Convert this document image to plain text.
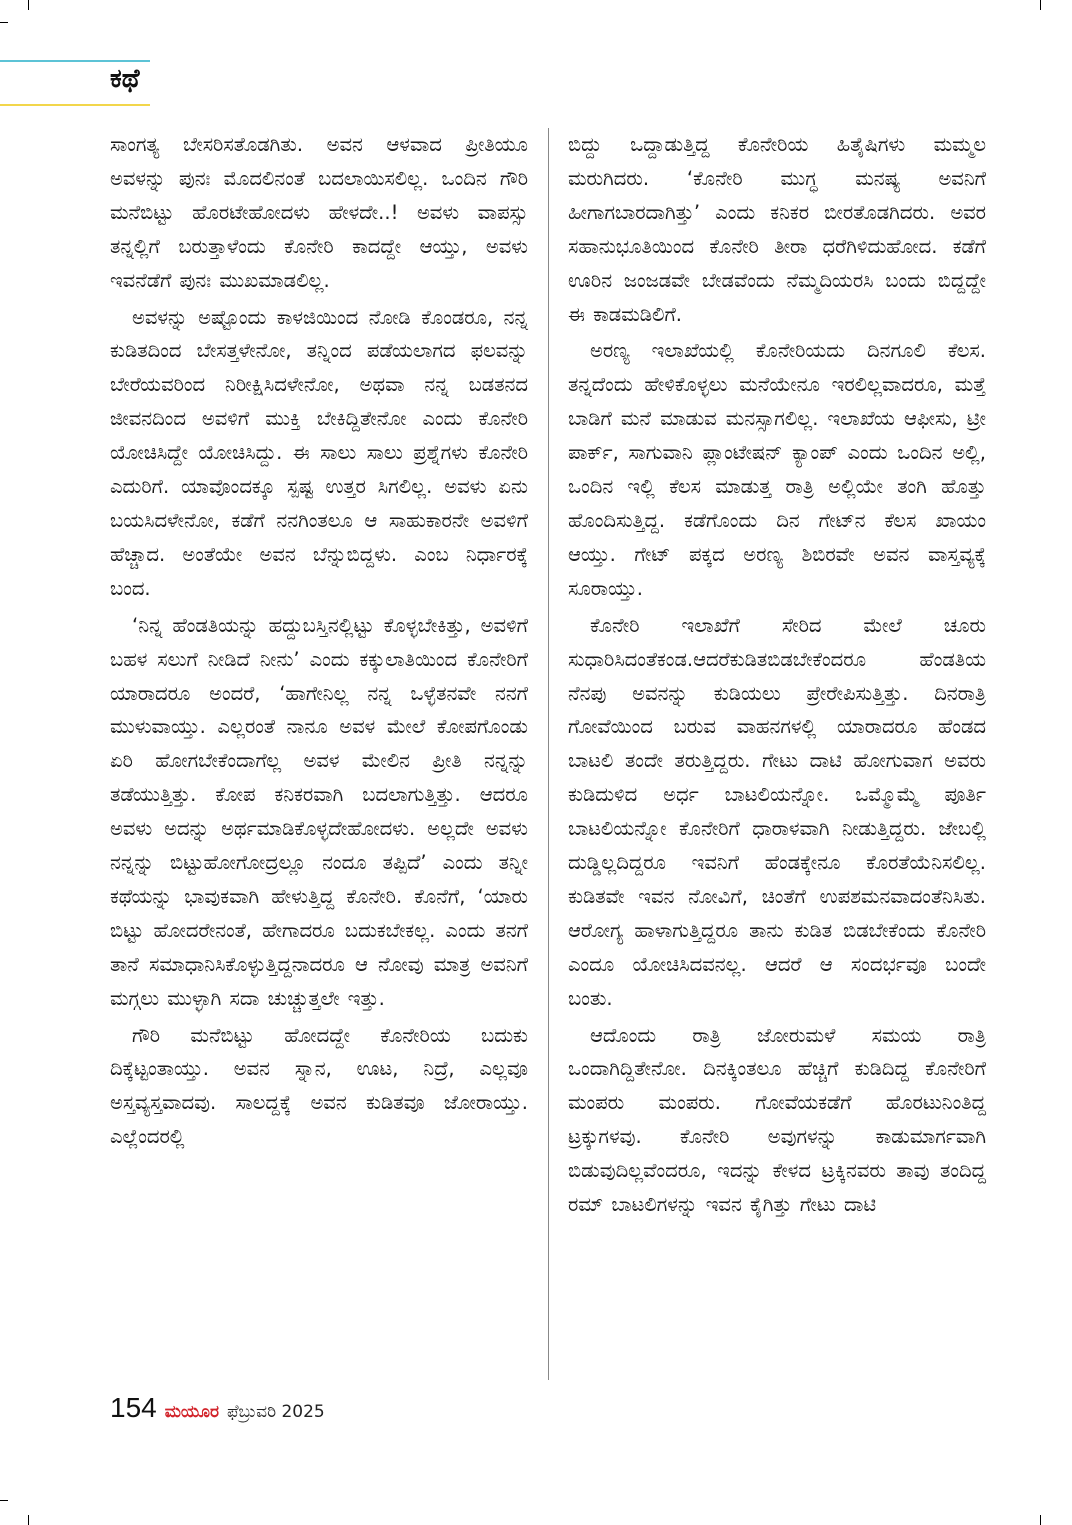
ಕಥೆ

ಸಾಂಗತ್ಯ ಬೇಸರಿಸತೊಡಗಿತು. ಅವನ ಆಳವಾದ ಪ್ರೀತಿಯೂ ಅವಳನ್ನು ಪುನಃ ಮೊದಲಿನಂತೆ ಬದಲಾಯಿಸಲಿಲ್ಲ. ಒಂದಿನ ಗೌರಿ ಮನೆಬಿಟ್ಟು ಹೊರಟೇಹೋದಳು ಹೇಳದೇ..! ಅವಳು ವಾಪಸ್ಸು ತನ್ನಲ್ಲಿಗೆ ಬರುತ್ತಾಳೆಂದು ಕೊನೇರಿ ಕಾದದ್ದೇ ಆಯ್ತು, ಅವಳು ಇವನೆಡೆಗೆ ಪುನಃ ಮುಖಮಾಡಲಿಲ್ಲ.

ಅವಳನ್ನು ಅಷ್ಟೊಂದು ಕಾಳಜಿಯಿಂದ ನೋಡಿ ಕೊಂಡರೂ, ನನ್ನ ಕುಡಿತದಿಂದ ಬೇಸತ್ತಳೇನೋ, ತನ್ನಿಂದ ಪಡೆಯಲಾಗದ ಫಲವನ್ನು ಬೇರೆಯವರಿಂದ ನಿರೀಕ್ಷಿಸಿದಳೇನೋ, ಅಥವಾ ನನ್ನ ಬಡತನದ ಜೀವನದಿಂದ ಅವಳಿಗೆ ಮುಕ್ತಿ ಬೇಕಿದ್ದಿತೇನೋ ಎಂದು ಕೊನೇರಿ ಯೋಚಿಸಿದ್ದೇ ಯೋಚಿಸಿದ್ದು. ಈ ಸಾಲು ಸಾಲು ಪ್ರಶ್ನೆಗಳು ಕೊನೇರಿ ಎದುರಿಗೆ. ಯಾವೊಂದಕ್ಕೂ ಸ್ಪಷ್ಟ ಉತ್ತರ ಸಿಗಲಿಲ್ಲ. ಅವಳು ಏನು ಬಯಸಿದಳೇನೋ, ಕಡೆಗೆ ನನಗಿಂತಲೂ ಆ ಸಾಹುಕಾರನೇ ಅವಳಿಗೆ ಹೆಚ್ಚಾದ. ಅಂತೆಯೇ ಅವನ ಬೆನ್ನುಬಿದ್ದಳು. ಎಂಬ ನಿರ್ಧಾರಕ್ಕೆ ಬಂದ.

‘ನಿನ್ನ ಹೆಂಡತಿಯನ್ನು ಹದ್ದುಬಸ್ತಿನಲ್ಲಿಟ್ಟು ಕೊಳ್ಳಬೇಕಿತ್ತು, ಅವಳಿಗೆ ಬಹಳ ಸಲುಗೆ ನೀಡಿದೆ ನೀನು’ ಎಂದು ಕಕ್ಕುಲಾತಿಯಿಂದ ಕೊನೇರಿಗೆ ಯಾರಾದರೂ ಅಂದರೆ, ‘ಹಾಗೇನಿಲ್ಲ ನನ್ನ ಒಳ್ಳೆತನವೇ ನನಗೆ ಮುಳುವಾಯ್ತು. ಎಲ್ಲರಂತೆ ನಾನೂ ಅವಳ ಮೇಲೆ ಕೋಪಗೊಂಡು ಏರಿ ಹೋಗಬೇಕೆಂದಾಗೆಲ್ಲ ಅವಳ ಮೇಲಿನ ಪ್ರೀತಿ ನನ್ನನ್ನು ತಡೆಯುತ್ತಿತ್ತು. ಕೋಪ ಕನಿಕರವಾಗಿ ಬದಲಾಗುತ್ತಿತ್ತು. ಆದರೂ ಅವಳು ಅದನ್ನು ಅರ್ಥಮಾಡಿಕೊಳ್ಳದೇಹೋದಳು. ಅಲ್ಲದೇ ಅವಳು ನನ್ನನ್ನು ಬಿಟ್ಟುಹೋಗೋದ್ರಲ್ಲೂ ನಂದೂ ತಪ್ಪಿದೆ’ ಎಂದು ತನ್ನೀ ಕಥೆಯನ್ನು ಭಾವುಕವಾಗಿ ಹೇಳುತ್ತಿದ್ದ ಕೊನೇರಿ. ಕೊನೆಗೆ, ‘ಯಾರು ಬಿಟ್ಟು ಹೋದರೇನಂತೆ, ಹೇಗಾದರೂ ಬದುಕಬೇಕಲ್ಲ. ಎಂದು ತನಗೆ ತಾನೆ ಸಮಾಧಾನಿಸಿಕೊಳ್ಳುತ್ತಿದ್ದನಾದರೂ ಆ ನೋವು ಮಾತ್ರ ಅವನಿಗೆ ಮಗ್ಗಲು ಮುಳ್ಳಾಗಿ ಸದಾ ಚುಚ್ಚುತ್ತಲೇ ಇತ್ತು.

ಗೌರಿ ಮನೆಬಿಟ್ಟು ಹೋದದ್ದೇ ಕೊನೇರಿಯ ಬದುಕು ದಿಕ್ಕೆಟ್ಟಂತಾಯ್ತು. ಅವನ ಸ್ನಾನ, ಊಟ, ನಿದ್ರೆ, ಎಲ್ಲವೂ ಅಸ್ತವ್ಯಸ್ತವಾದವು. ಸಾಲದ್ದಕ್ಕೆ ಅವನ ಕುಡಿತವೂ ಜೋರಾಯ್ತು. ಎಲ್ಲೆಂದರಲ್ಲಿ

ಬಿದ್ದು ಒದ್ದಾಡುತ್ತಿದ್ದ ಕೊನೇರಿಯ ಹಿತೈಷಿಗಳು ಮಮ್ಮಲ ಮರುಗಿದರು. ‘ಕೊನೇರಿ ಮುಗ್ಧ ಮನಷ್ಯ ಅವನಿಗೆ ಹೀಗಾಗಬಾರದಾಗಿತ್ತು’ ಎಂದು ಕನಿಕರ ಬೀರತೊಡಗಿದರು. ಅವರ ಸಹಾನುಭೂತಿಯಿಂದ ಕೊನೇರಿ ತೀರಾ ಧರೆಗಿಳಿದುಹೋದ. ಕಡೆಗೆ ಊರಿನ ಜಂಜಡವೇ ಬೇಡವೆಂದು ನೆಮ್ಮದಿಯರಸಿ ಬಂದು ಬಿದ್ದದ್ದೇ ಈ ಕಾಡಮಡಿಲಿಗೆ.

ಅರಣ್ಯ ಇಲಾಖೆಯಲ್ಲಿ ಕೊನೇರಿಯದು ದಿನಗೂಲಿ ಕೆಲಸ. ತನ್ನದೆಂದು ಹೇಳಿಕೊಳ್ಳಲು ಮನೆಯೇನೂ ಇರಲಿಲ್ಲವಾದರೂ, ಮತ್ತೆ ಬಾಡಿಗೆ ಮನೆ ಮಾಡುವ ಮನಸ್ಸಾಗಲಿಲ್ಲ. ಇಲಾಖೆಯ ಆಫೀಸು, ಟ್ರೀ ಪಾರ್ಕ್, ಸಾಗುವಾನಿ ಪ್ಲಾಂಟೇಷನ್ ಕ್ಯಾಂಪ್ ಎಂದು ಒಂದಿನ ಅಲ್ಲಿ, ಒಂದಿನ ಇಲ್ಲಿ ಕೆಲಸ ಮಾಡುತ್ತ ರಾತ್ರಿ ಅಲ್ಲಿಯೇ ತಂಗಿ ಹೊತ್ತು ಹೊಂದಿಸುತ್ತಿದ್ದ. ಕಡೆಗೊಂದು ದಿನ ಗೇಟ್‌ನ ಕೆಲಸ ಖಾಯಂ ಆಯ್ತು. ಗೇಟ್ ಪಕ್ಕದ ಅರಣ್ಯ ಶಿಬಿರವೇ ಅವನ ವಾಸ್ತವ್ಯಕ್ಕೆ ಸೂರಾಯ್ತು.

ಕೊನೇರಿ ಇಲಾಖೆಗೆ ಸೇರಿದ ಮೇಲೆ ಚೂರು ಸುಧಾರಿಸಿದಂತೆಕಂಡ.ಆದರೆಕುಡಿತಬಿಡಬೇಕೆಂದರೂ ಹೆಂಡತಿಯ ನೆನಪು ಅವನನ್ನು ಕುಡಿಯಲು ಪ್ರೇರೇಪಿಸುತ್ತಿತ್ತು. ದಿನರಾತ್ರಿ ಗೋವೆಯಿಂದ ಬರುವ ವಾಹನಗಳಲ್ಲಿ ಯಾರಾದರೂ ಹೆಂಡದ ಬಾಟಲಿ ತಂದೇ ತರುತ್ತಿದ್ದರು. ಗೇಟು ದಾಟಿ ಹೋಗುವಾಗ ಅವರು ಕುಡಿದುಳಿದ ಅರ್ಧ ಬಾಟಲಿಯನ್ನೋ. ಒಮ್ಮೊಮ್ಮೆ ಪೂರ್ತಿ ಬಾಟಲಿಯನ್ನೋ ಕೊನೇರಿಗೆ ಧಾರಾಳವಾಗಿ ನೀಡುತ್ತಿದ್ದರು. ಜೇಬಲ್ಲಿ ದುಡ್ಡಿಲ್ಲದಿದ್ದರೂ ಇವನಿಗೆ ಹೆಂಡಕ್ಕೇನೂ ಕೊರತೆಯೆನಿಸಲಿಲ್ಲ. ಕುಡಿತವೇ ಇವನ ನೋವಿಗೆ, ಚಿಂತೆಗೆ ಉಪಶಮನವಾದಂತೆನಿಸಿತು. ಆರೋಗ್ಯ ಹಾಳಾಗುತ್ತಿದ್ದರೂ ತಾನು ಕುಡಿತ ಬಿಡಬೇಕೆಂದು ಕೊನೇರಿ ಎಂದೂ ಯೋಚಿಸಿದವನಲ್ಲ. ಆದರೆ ಆ ಸಂದರ್ಭವೂ ಬಂದೇ ಬಂತು.

ಆದೊಂದು ರಾತ್ರಿ ಜೋರುಮಳೆ ಸಮಯ ರಾತ್ರಿ ಒಂದಾಗಿದ್ದಿತೇನೋ. ದಿನಕ್ಕಿಂತಲೂ ಹೆಚ್ಚಿಗೆ ಕುಡಿದಿದ್ದ ಕೊನೇರಿಗೆ ಮಂಪರು ಮಂಪರು. ಗೋವೆಯಕಡೆಗೆ ಹೊರಟುನಿಂತಿದ್ದ ಟ್ರಕ್ಕುಗಳವು. ಕೊನೇರಿ ಅವುಗಳನ್ನು ಕಾಡುಮಾರ್ಗವಾಗಿ ಬಿಡುವುದಿಲ್ಲವೆಂದರೂ, ಇದನ್ನು ಕೇಳದ ಟ್ರಕ್ಕಿನವರು ತಾವು ತಂದಿದ್ದ ರಮ್ ಬಾಟಲಿಗಳನ್ನು ಇವನ ಕೈಗಿತ್ತು ಗೇಟು ದಾಟಿ

154 ಮಯೂರ ಫೆಬ್ರುವರಿ 2025
